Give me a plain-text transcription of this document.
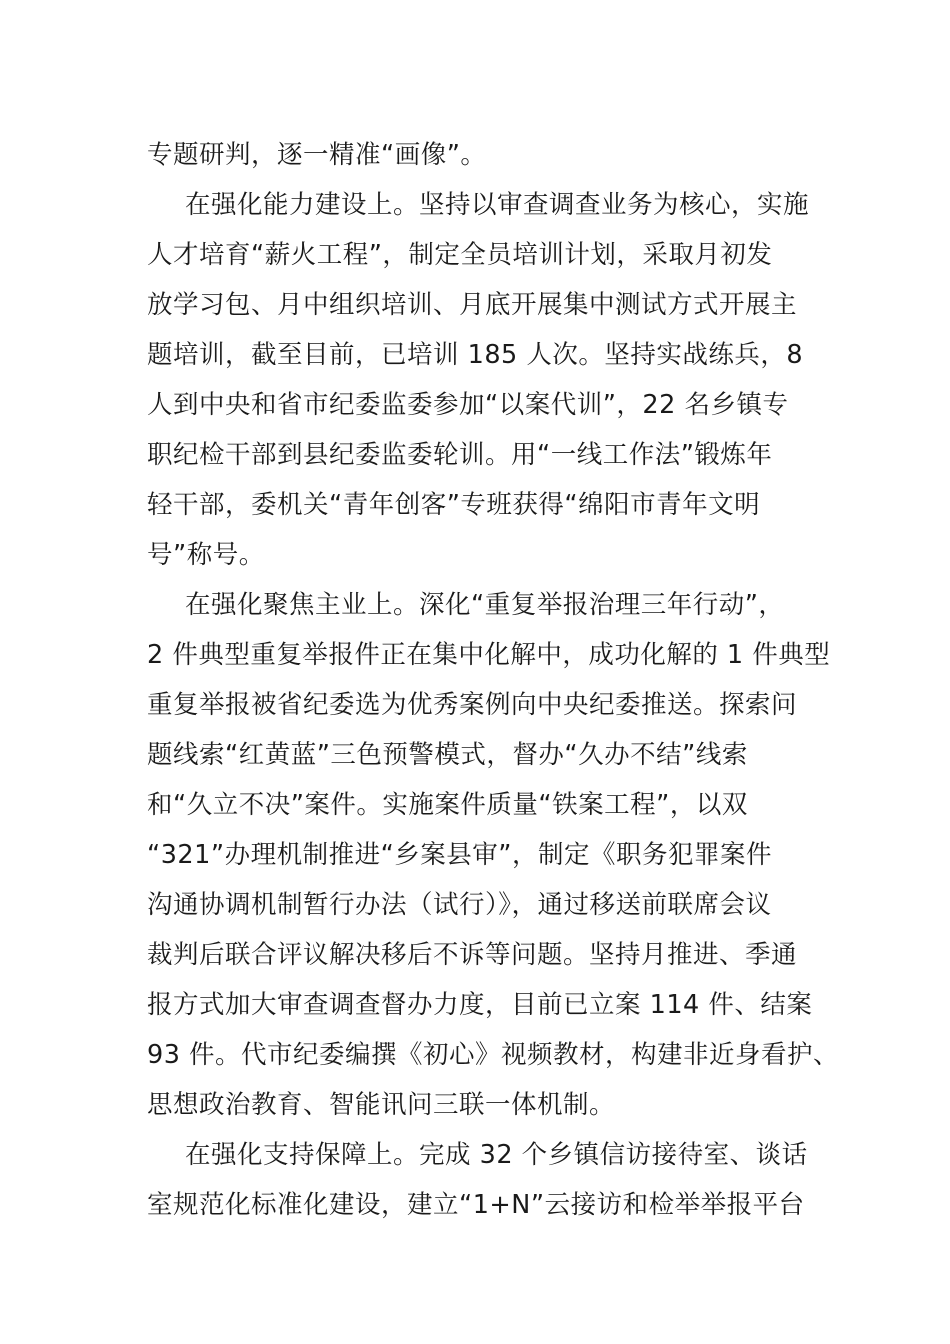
专题研判，逐一精准“画像”。
在强化能力建设上。坚持以审查调查业务为核心，实施
人才培育“薪火工程”，制定全员培训计划，采取月初发
放学习包、月中组织培训、月底开展集中测试方式开展主
题培训，截至目前，已培训 185 人次。坚持实战练兵，8
人到中央和省市纪委监委参加“以案代训”，22 名乡镇专
职纪检干部到县纪委监委轮训。用“一线工作法”锻炼年
轻干部，委机关“青年创客”专班获得“绵阳市青年文明
号”称号。
在强化聚焦主业上。深化“重复举报治理三年行动”，
2 件典型重复举报件正在集中化解中，成功化解的 1 件典型
重复举报被省纪委选为优秀案例向中央纪委推送。探索问
题线索“红黄蓝”三色预警模式，督办“久办不结”线索
和“久立不决”案件。实施案件质量“铁案工程”，以双
“321”办理机制推进“乡案县审”，制定《职务犯罪案件
沟通协调机制暂行办法（试行）》，通过移送前联席会议
裁判后联合评议解决移后不诉等问题。坚持月推进、季通
报方式加大审查调查督办力度，目前已立案 114 件、结案
93 件。代市纪委编撰《初心》视频教材，构建非近身看护、
思想政治教育、智能讯问三联一体机制。
在强化支持保障上。完成 32 个乡镇信访接待室、谈话
室规范化标准化建设，建立“1+N”云接访和检举举报平台
